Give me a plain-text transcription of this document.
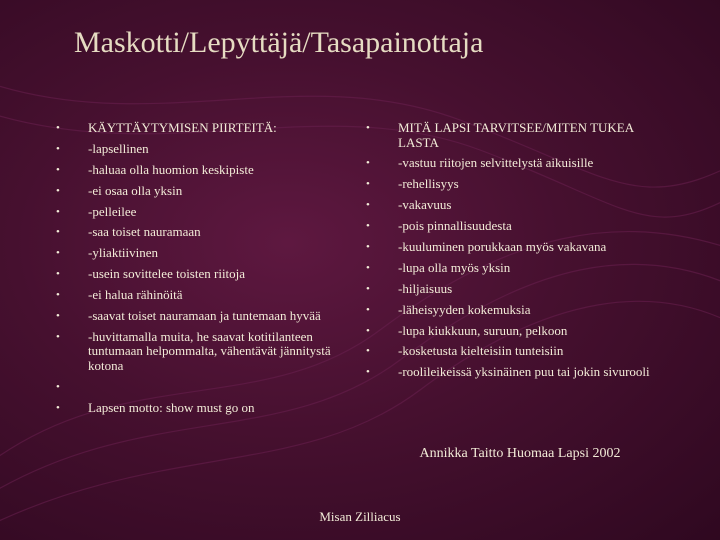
Maskotti/Lepyttäjä/Tasapainottaja
•	KÄYTTÄYTYMISEN PIIRTEITÄ:
•	-lapsellinen
•	-haluaa olla huomion keskipiste
•	-ei osaa olla yksin
•	-pelleilee
•	-saa toiset nauramaan
•	-yliaktiivinen
•	-usein sovittelee toisten riitoja
•	-ei halua rähinöitä
•	-saavat toiset nauramaan ja tuntemaan hyvää
•	-huvittamalla muita, he saavat kotitilanteen tuntumaan helpommalta, vähentävät jännitystä kotona
•
•	Lapsen motto: show must go on
•	MITÄ LAPSI TARVITSEE/MITEN TUKEA LASTA
•	-vastuu riitojen selvittelystä aikuisille
•	-rehellisyys
•	-vakavuus
•	-pois pinnallisuudesta
•	-kuuluminen porukkaan myös vakavana
•	-lupa olla myös yksin
•	-hiljaisuus
•	-läheisyyden kokemuksia
•	-lupa kiukkuun, suruun, pelkoon
•	-kosketusta kielteisiin tunteisiin
•	-roolileikeissä yksinäinen puu tai jokin sivurooli
Annikka Taitto Huomaa Lapsi 2002
Misan Zilliacus
